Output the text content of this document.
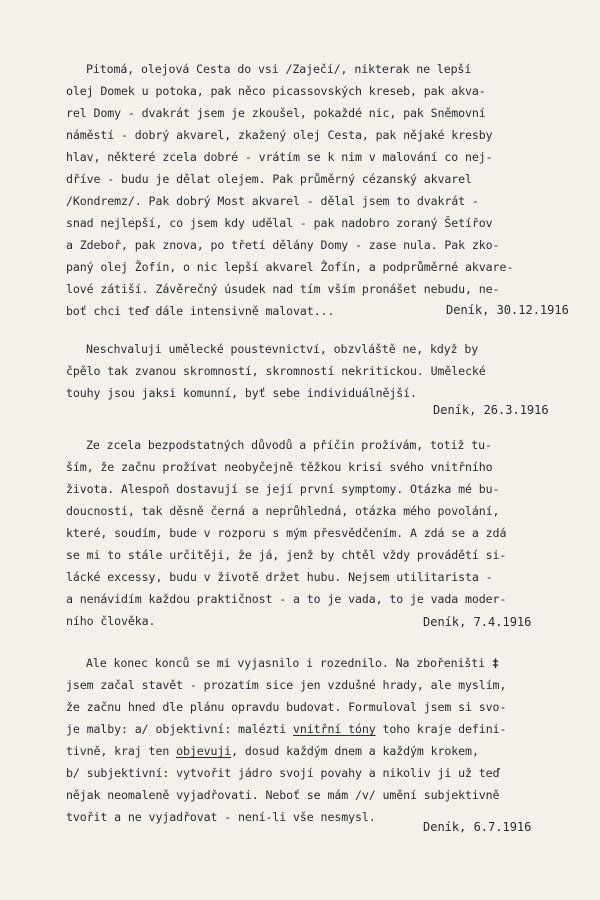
Pitomá, olejová Cesta do vsi /Zaječí/, nikterak ne lepší
olej Domek u potoka, pak něco picassovských kreseb, pak akva-
rel Domy - dvakrát jsem je zkoušel, pokaždé nic, pak Sněmovní
náměstí - dobrý akvarel, zkažený olej Cesta, pak nějaké kresby
hlav, některé zcela dobré - vrátím se k nim v malování co nej-
dříve - budu je dělat olejem. Pak průměrný cézanský akvarel
/Kondremz/. Pak dobrý Most akvarel - dělal jsem to dvakrát -
snad nejlepší, co jsem kdy udělal - pak nadobro zoraný Šetířov
a Zdeboř, pak znova, po třetí dělány Domy - zase nula. Pak zko-
paný olej Žofín, o nic lepší akvarel Žofín, a podprůměrné akvare-
lové zátiší. Závěrečný úsudek nad tím vším pronášet nebudu, ne-
boť chci teď dále intensivně malovat...	Deník, 30.12.1916
Neschvaluji umělecké poustevnictví, obzvláště ne, když by
čpělo tak zvanou skromností, skromností nekritickou. Umělecké
touhy jsou jaksi komunní, byť sebe individuálnější.
Deník, 26.3.1916
Ze zcela bezpodstatných důvodů a příčin prožívám, totiž tu-
ším, že začnu prožívat neobyčejně těžkou krisi svého vnitřního
života. Alespoň dostavují se její první symptomy. Otázka mé bu-
doucnosti, tak děsně černá a neprůhledná, otázka mého povolání,
které, soudím, bude v rozporu s mým přesvědčením. A zdá se a zdá
se mi to stále určitěji, že já, jenž by chtěl vždy provádětí si-
lácké excessy, budu v životě držet hubu. Nejsem utilitarista -
a nenávidím každou praktičnost - a to je vada, to je vada moder-
ního člověka.	Deník, 7.4.1916
Ale konec konců se mi vyjasnilo i rozednilo. Na zbořeništi ‡
jsem začal stavět - prozatím sice jen vzdušné hrady, ale myslím,
že začnu hned dle plánu opravdu budovat. Formuloval jsem si svo-
je malby: a/ objektivní: malézti vnitřní tóny toho kraje defini-
tivně, kraj ten objevuji, dosud každým dnem a každým krokem,
b/ subjektivní: vytvořit jádro svojí povahy a nikoliv ji už teď
nějak neomaleně vyjadřovati. Neboť se mám /v/ umění subjektivně
tvořit a ne vyjadřovat - není-li vše nesmysl.
Deník, 6.7.1916
